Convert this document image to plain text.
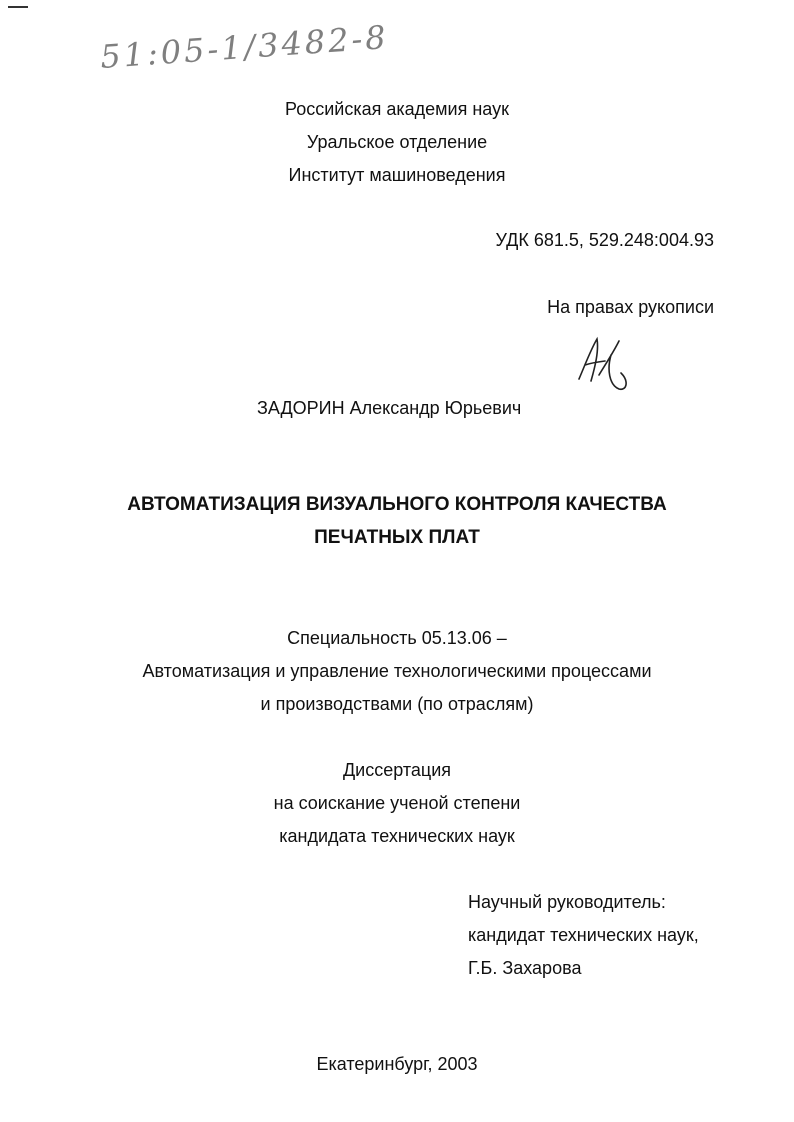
51:05-1/3482-8
Российская академия наук
Уральское отделение
Институт машиноведения
УДК 681.5, 529.248:004.93
На правах рукописи
ЗАДОРИН Александр Юрьевич
АВТОМАТИЗАЦИЯ ВИЗУАЛЬНОГО КОНТРОЛЯ КАЧЕСТВА
ПЕЧАТНЫХ ПЛАТ
Специальность 05.13.06 –
Автоматизация и управление технологическими процессами
и производствами (по отраслям)
Диссертация
на соискание ученой степени
кандидата технических наук
Научный руководитель:
кандидат технических наук,
Г.Б. Захарова
Екатеринбург, 2003
